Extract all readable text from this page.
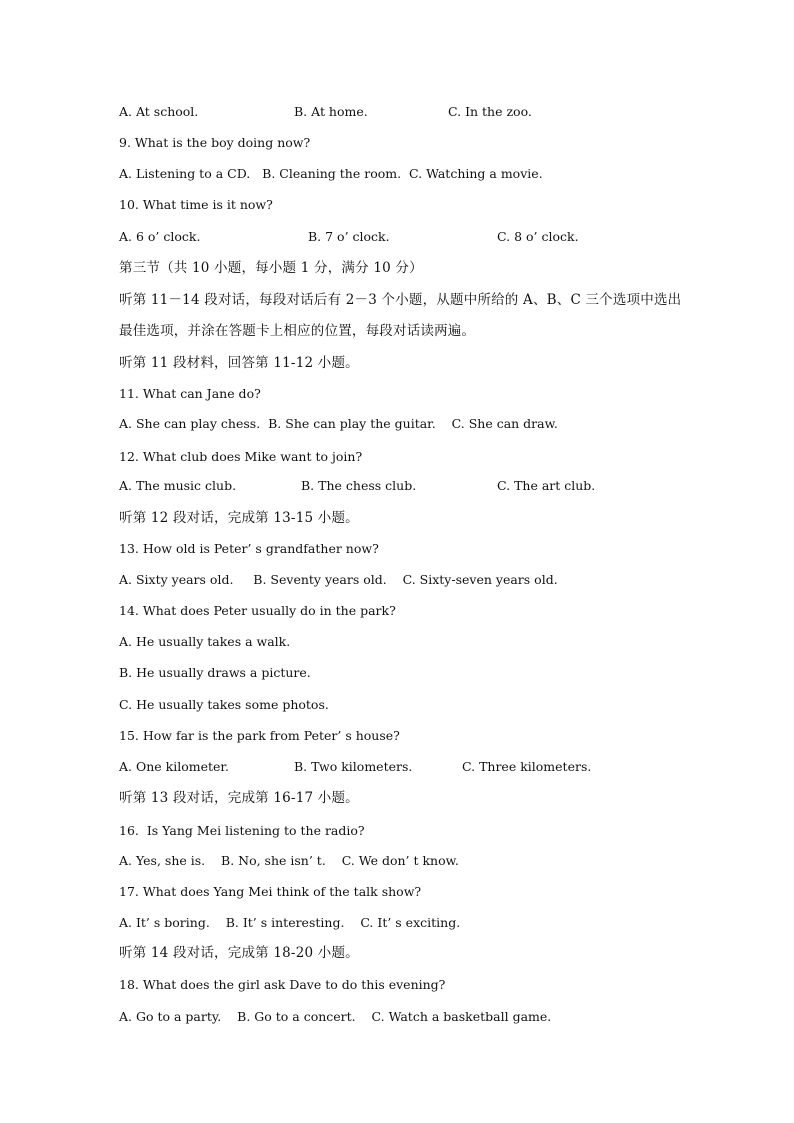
A. At school.	B. At home.	C. In the zoo.
9. What is the boy doing now?
A. Listening to a CD.   B. Cleaning the room.  C. Watching a movie.
10. What time is it now?
A. 6 o’ clock.	B. 7 o’ clock.	C. 8 o’ clock.
第三节（共 10 小题，每小题 1 分，满分 10 分）
听第 11－14 段对话，每段对话后有 2－3 个小题，从题中所给的 A、B、C 三个选项中选出
最佳选项，并涂在答题卡上相应的位置，每段对话读两遍。
听第 11 段材料，回答第 11-12 小题。
11. What can Jane do?
A. She can play chess.  B. She can play the guitar.    C. She can draw.
12. What club does Mike want to join?
A. The music club.	B. The chess club.	C. The art club.
听第 12 段对话，完成第 13-15 小题。
13. How old is Peter’ s grandfather now?
A. Sixty years old.     B. Seventy years old.    C. Sixty-seven years old.
14. What does Peter usually do in the park?
A. He usually takes a walk.
B. He usually draws a picture.
C. He usually takes some photos.
15. How far is the park from Peter’ s house?
A. One kilometer.	B. Two kilometers.	C. Three kilometers.
听第 13 段对话，完成第 16-17 小题。
16.  Is Yang Mei listening to the radio?
A. Yes, she is.    B. No, she isn’ t.    C. We don’ t know.
17. What does Yang Mei think of the talk show?
A. It’ s boring.    B. It’ s interesting.    C. It’ s exciting.
听第 14 段对话，完成第 18-20 小题。
18. What does the girl ask Dave to do this evening?
A. Go to a party.    B. Go to a concert.    C. Watch a basketball game.
